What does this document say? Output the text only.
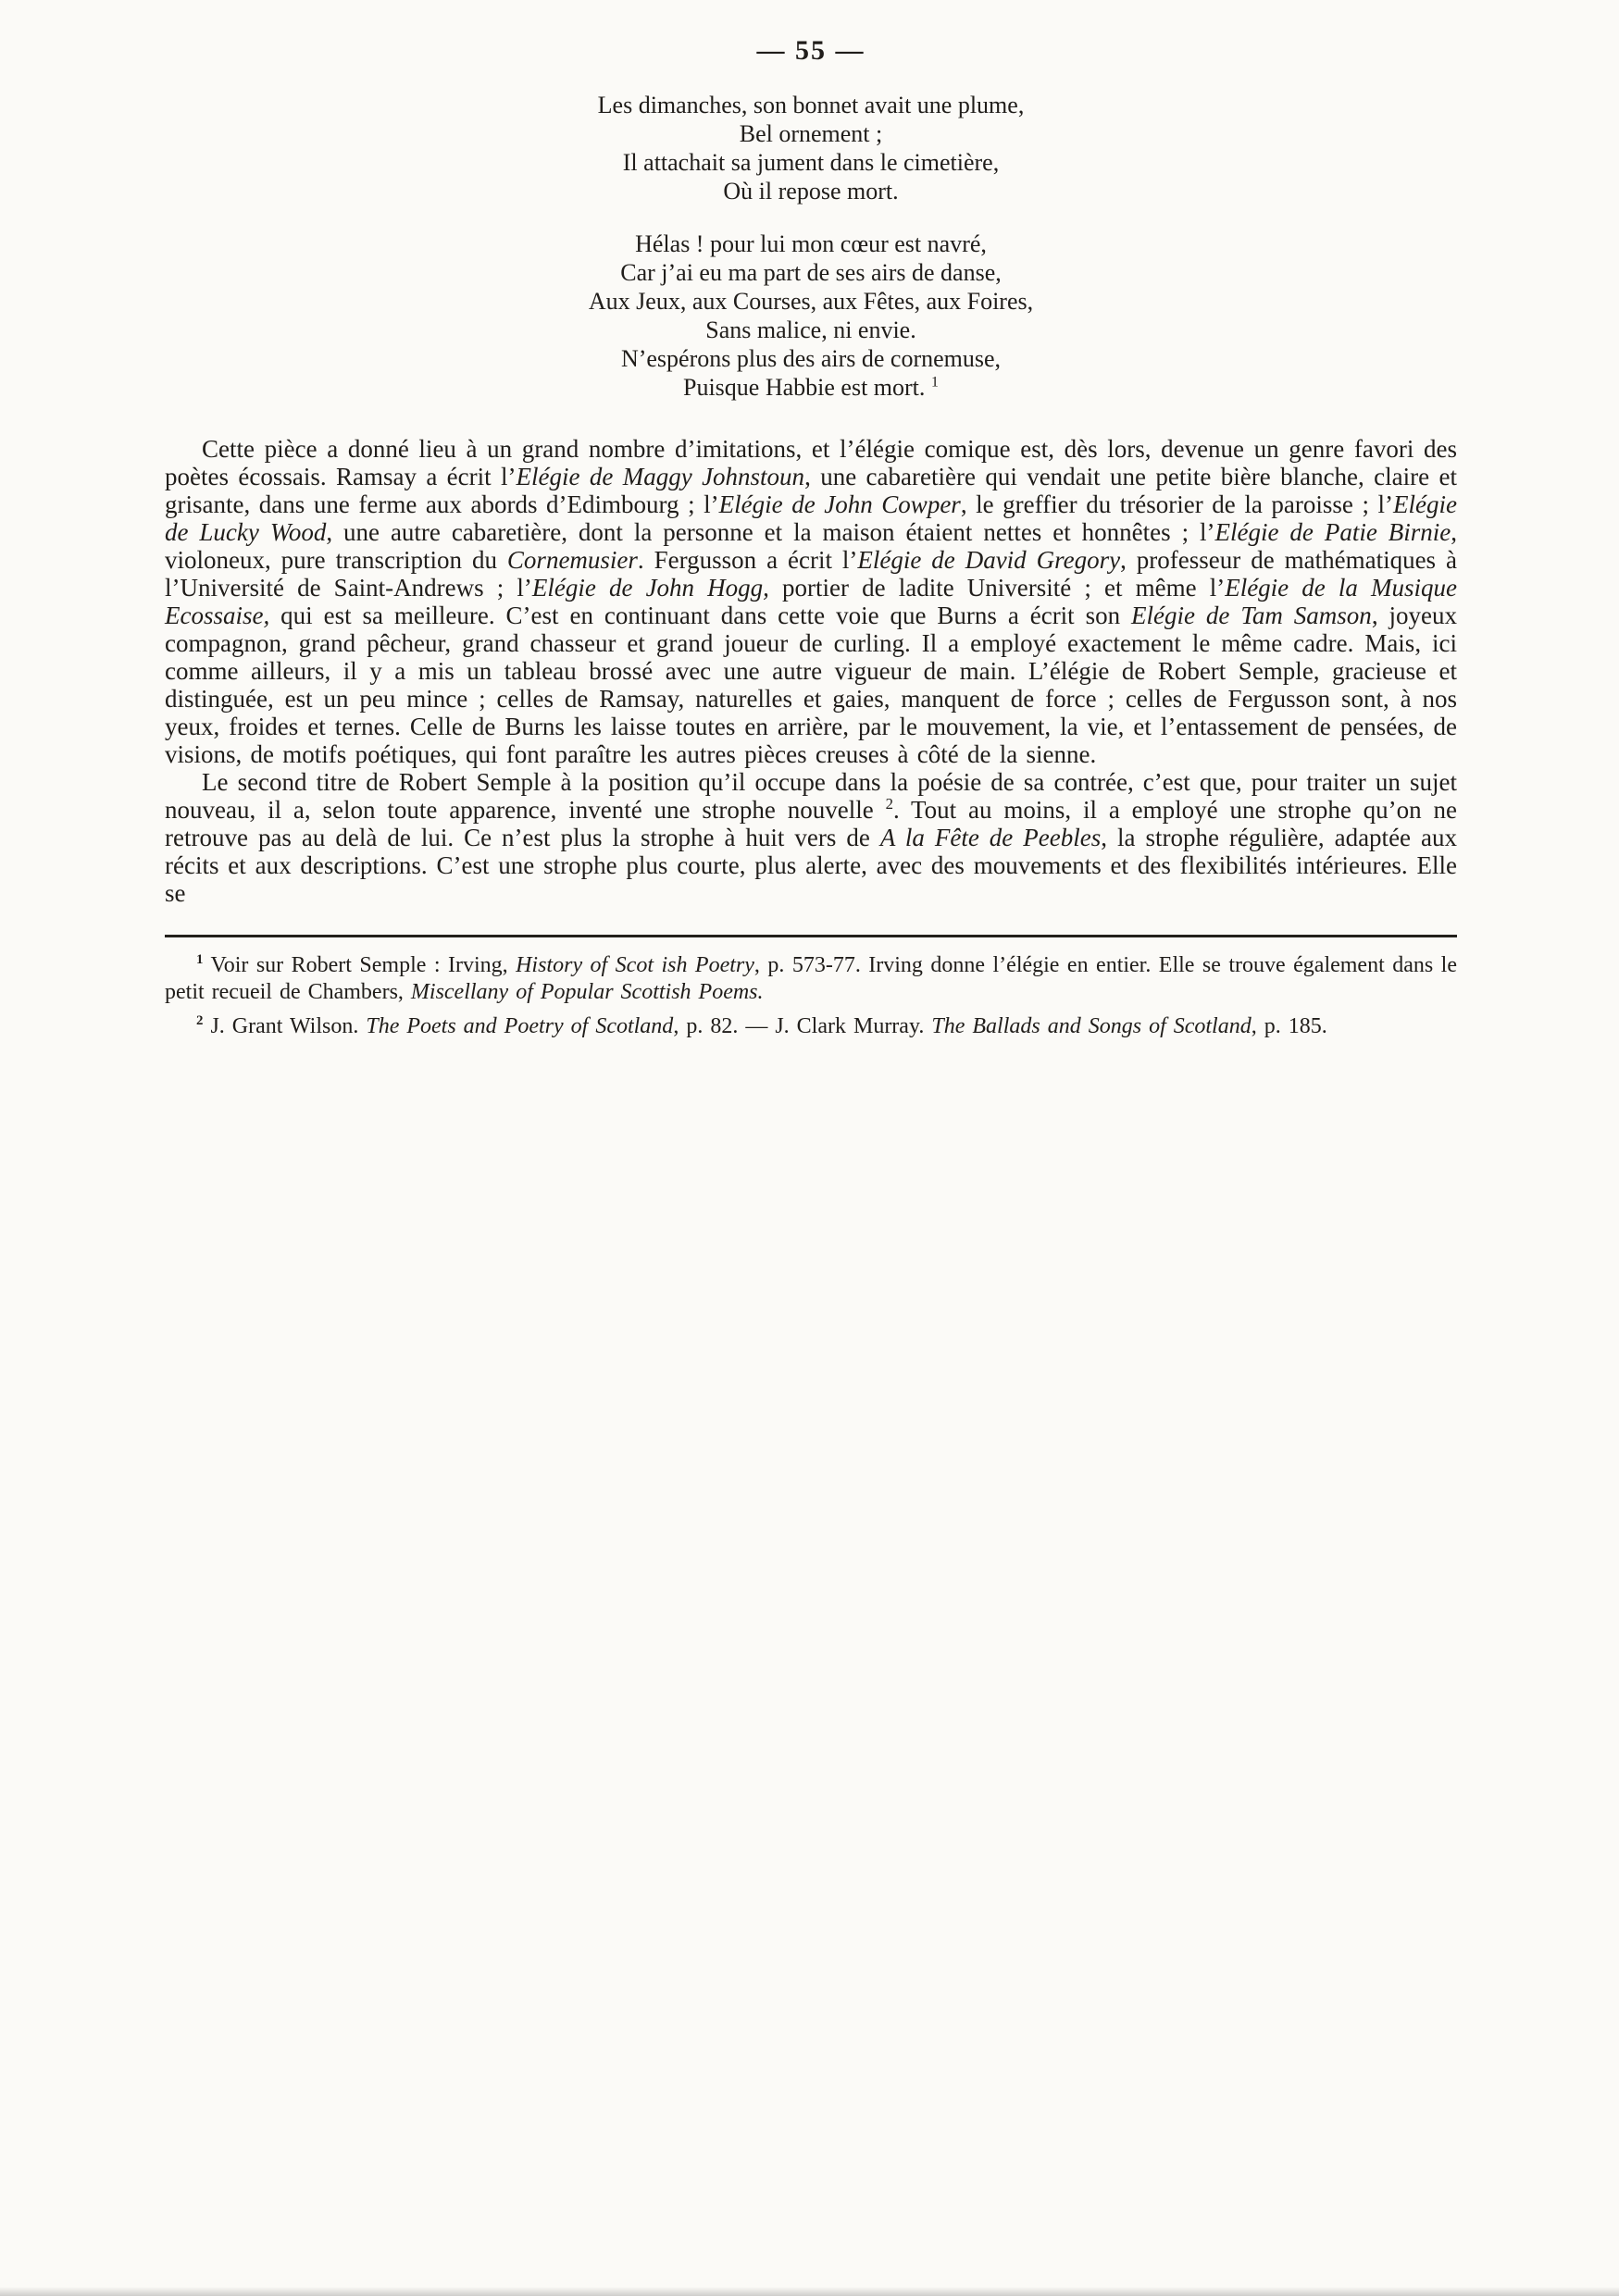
— 55 —
Les dimanches, son bonnet avait une plume,
Bel ornement ;
Il attachait sa jument dans le cimetière,
Où il repose mort.
Hélas ! pour lui mon cœur est navré,
Car j’ai eu ma part de ses airs de danse,
Aux Jeux, aux Courses, aux Fêtes, aux Foires,
Sans malice, ni envie.
N’espérons plus des airs de cornemuse,
Puisque Habbie est mort. $^1$

Cette pièce a donné lieu à un grand nombre d’imitations, et l’élégie comique est, dès lors, devenue un genre favori des poètes écossais. Ramsay a écrit l’Elégie de Maggy Johnstoun, une cabaretière qui vendait une petite bière blanche, claire et grisante, dans une ferme aux abords d’Edimbourg ; l’Elégie de John Cowper, le greffier du trésorier de la paroisse ; l’Elégie de Lucky Wood, une autre cabaretière, dont la personne et la maison étaient nettes et honnêtes ; l’Elégie de Patie Birnie, violoneux, pure transcription du Cornemusier. Fergusson a écrit l’Elégie de David Gregory, professeur de mathématiques à l’Université de Saint-Andrews ; l’Elégie de John Hogg, portier de ladite Université ; et même l’Elégie de la Musique Ecossaise, qui est sa meilleure. C’est en continuant dans cette voie que Burns a écrit son Elégie de Tam Samson, joyeux compagnon, grand pêcheur, grand chasseur et grand joueur de curling. Il a employé exactement le même cadre. Mais, ici comme ailleurs, il y a mis un tableau brossé avec une autre vigueur de main. L’élégie de Robert Semple, gracieuse et distinguée, est un peu mince ; celles de Ramsay, naturelles et gaies, manquent de force ; celles de Fergusson sont, à nos yeux, froides et ternes. Celle de Burns les laisse toutes en arrière, par le mouvement, la vie, et l’entassement de pensées, de visions, de motifs poétiques, qui font paraître les autres pièces creuses à côté de la sienne.

Le second titre de Robert Semple à la position qu’il occupe dans la poésie de sa contrée, c’est que, pour traiter un sujet nouveau, il a, selon toute apparence, inventé une strophe nouvelle $^2$. Tout au moins, il a employé une strophe qu’on ne retrouve pas au delà de lui. Ce n’est plus la strophe à huit vers de A la Fête de Peebles, la strophe régulière, adaptée aux récits et aux descriptions. C’est une strophe plus courte, plus alerte, avec des mouvements et des flexibilités intérieures. Elle se

$^1$ Voir sur Robert Semple : Irving, History of Scot ish Poetry, p. 573-77. Irving donne l’élégie en entier. Elle se trouve également dans le petit recueil de Chambers, Miscellany of Popular Scottish Poems.

$^2$ J. Grant Wilson. The Poets and Poetry of Scotland, p. 82. — J. Clark Murray. The Ballads and Songs of Scotland, p. 185.
